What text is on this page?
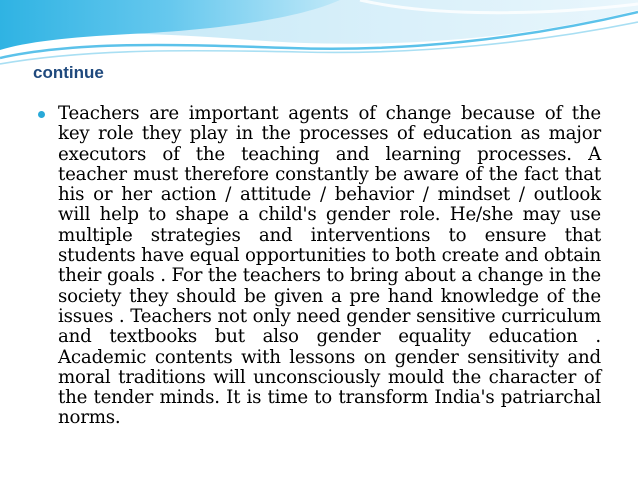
continue
Teachers are important agents of change because of the key role they play in the processes of education as major executors of the teaching and learning processes. A teacher must therefore constantly be aware of the fact that his or her action / attitude / behavior / mindset / outlook will help to shape a child's gender role. He/she may use multiple strategies and interventions to ensure that students have equal opportunities to both create and obtain their goals . For the teachers to bring about a change in the society they should be given a pre hand knowledge of the issues . Teachers not only need gender sensitive curriculum and textbooks but also gender equality education . Academic contents with lessons on gender sensitivity and moral traditions will unconsciously mould the character of the tender minds. It is time to transform India's patriarchal norms.
